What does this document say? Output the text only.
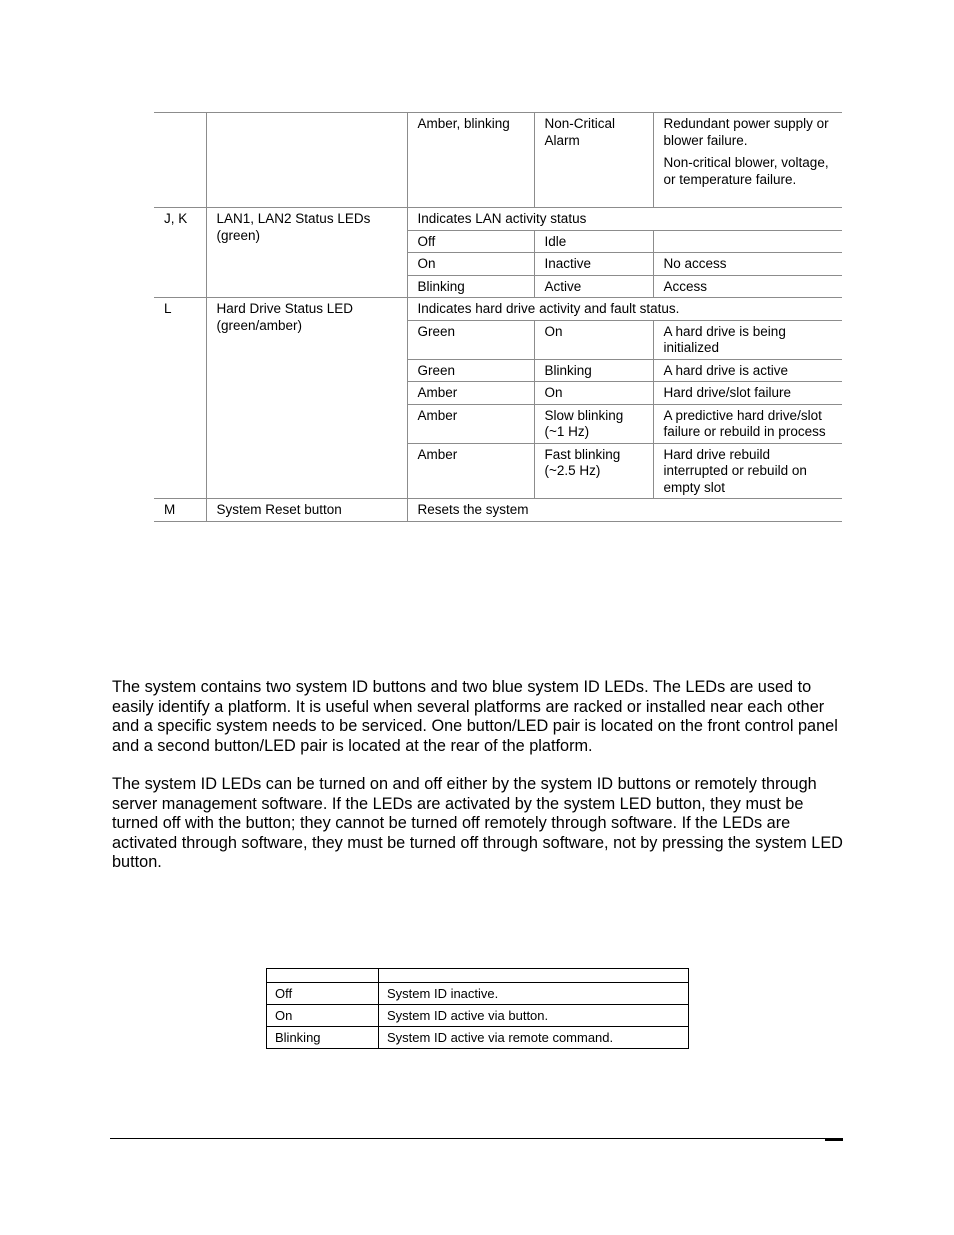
		Amber, blinking	Non-Critical Alarm	Redundant power supply or blower failure.

Non-critical blower, voltage, or temperature failure.

J, K	LAN1, LAN2 Status LEDs (green)	Indicates LAN activity status		
		Off	Idle	
		On	Inactive	No access
		Blinking	Active	Access
L	Hard Drive Status LED (green/amber)	Indicates hard drive activity and fault status.		
		Green	On	A hard drive is being initialized
		Green	Blinking	A hard drive is active
		Amber	On	Hard drive/slot failure
		Amber	Slow blinking (~1 Hz)	A predictive hard drive/slot failure or rebuild in process
		Amber	Fast blinking (~2.5 Hz)	Hard drive rebuild interrupted or rebuild on empty slot
M	System Reset button	Resets the system		

The system contains two system ID buttons and two blue system ID LEDs. The LEDs are used to easily identify a platform. It is useful when several platforms are racked or installed near each other and a specific system needs to be serviced. One button/LED pair is located on the front control panel and a second button/LED pair is located at the rear of the platform.

The system ID LEDs can be turned on and off either by the system ID buttons or remotely through server management software. If the LEDs are activated by the system LED button, they must be turned off with the button; they cannot be turned off remotely through software. If the LEDs are activated through software, they must be turned off through software, not by pressing the system LED button.

Off	System ID inactive.
On	System ID active via button.
Blinking	System ID active via remote command.
